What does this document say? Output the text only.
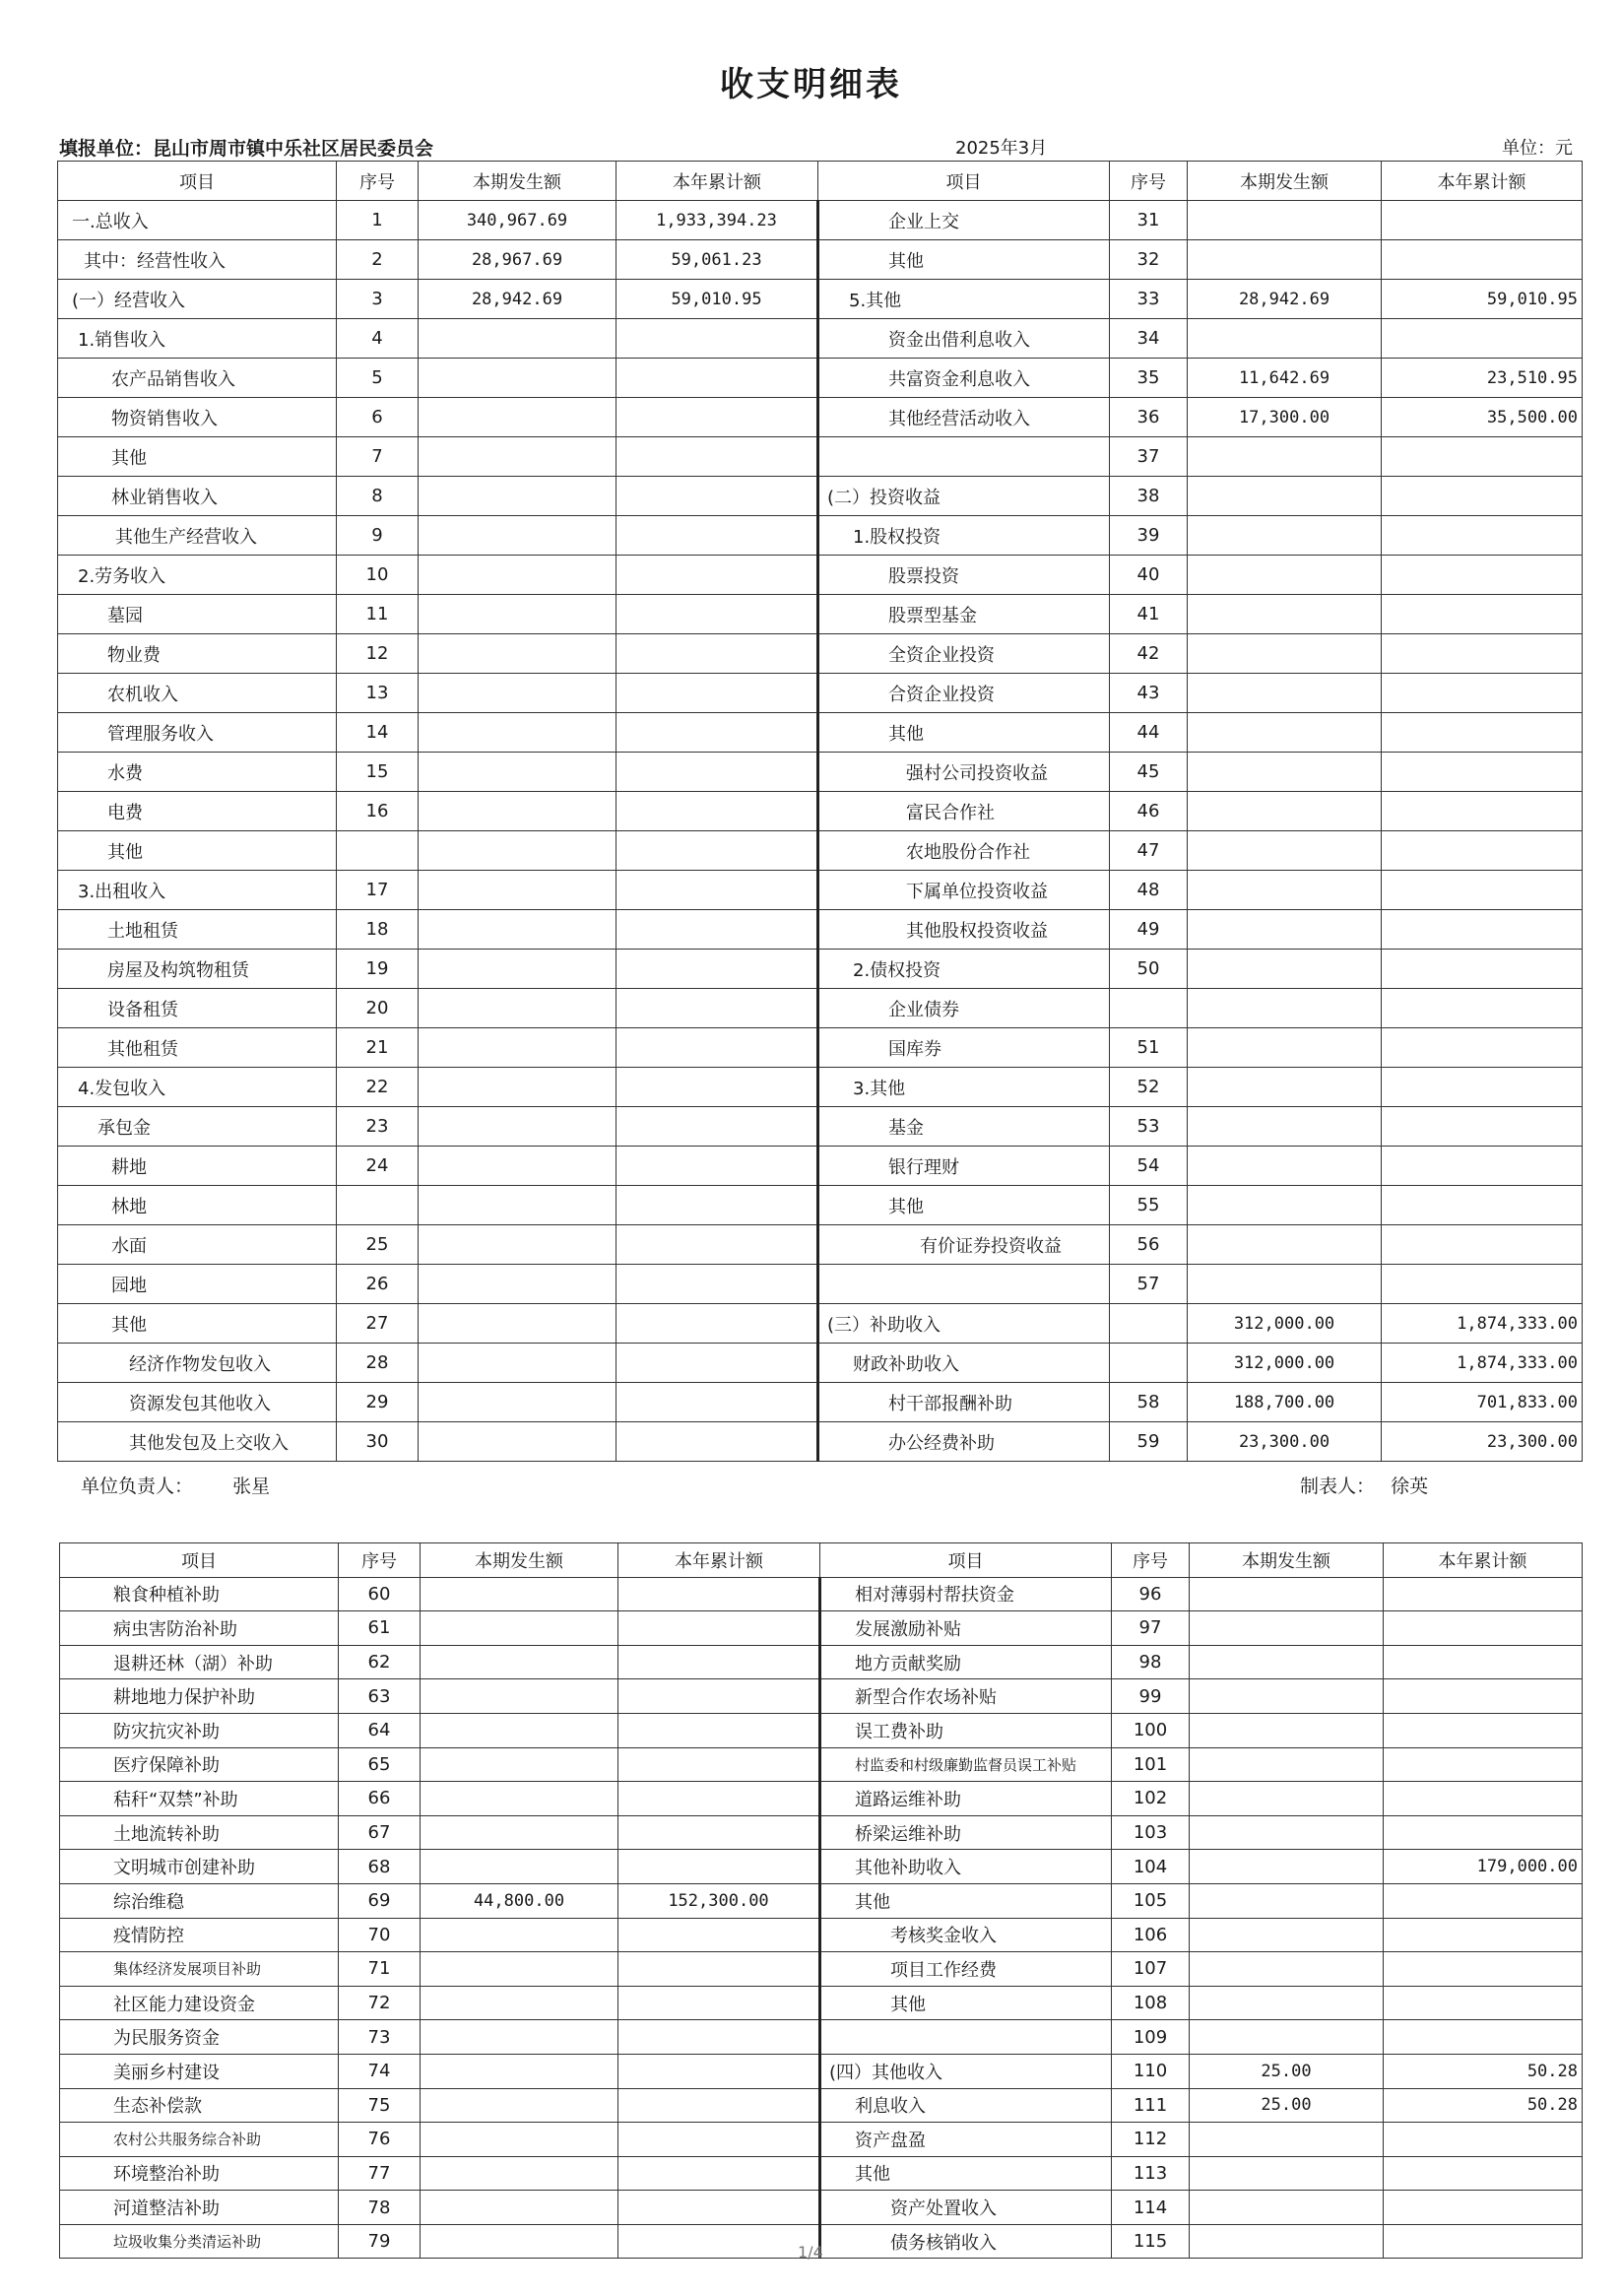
收支明细表
填报单位：昆山市周市镇中乐社区居民委员会	2025年3月	单位：元
项目	序号	本期发生额	本年累计额	项目	序号	本期发生额	本年累计额
一.总收入	1	340,967.69	1,933,394.23	企业上交	31		
其中：经营性收入	2	28,967.69	59,061.23	其他	32		
(一）经营收入	3	28,942.69	59,010.95	5.其他	33	28,942.69	59,010.95
1.销售收入	4			资金出借利息收入	34		
农产品销售收入	5			共富资金利息收入	35	11,642.69	23,510.95
物资销售收入	6			其他经营活动收入	36	17,300.00	35,500.00
其他	7				37		
林业销售收入	8			(二）投资收益	38		
其他生产经营收入	9			1.股权投资	39		
2.劳务收入	10			股票投资	40		
墓园	11			股票型基金	41		
物业费	12			全资企业投资	42		
农机收入	13			合资企业投资	43		
管理服务收入	14			其他	44		
水费	15			强村公司投资收益	45		
电费	16			富民合作社	46		
其他				农地股份合作社	47		
3.出租收入	17			下属单位投资收益	48		
土地租赁	18			其他股权投资收益	49		
房屋及构筑物租赁	19			2.债权投资	50		
设备租赁	20			企业债券			
其他租赁	21			国库券	51		
4.发包收入	22			3.其他	52		
承包金	23			基金	53		
耕地	24			银行理财	54		
林地				其他	55		
水面	25			有价证券投资收益	56		
园地	26				57		
其他	27			(三）补助收入		312,000.00	1,874,333.00
经济作物发包收入	28			财政补助收入		312,000.00	1,874,333.00
资源发包其他收入	29			村干部报酬补助	58	188,700.00	701,833.00
其他发包及上交收入	30			办公经费补助	59	23,300.00	23,300.00
单位负责人： 张星	制表人： 徐英
项目	序号	本期发生额	本年累计额	项目	序号	本期发生额	本年累计额
粮食种植补助	60			相对薄弱村帮扶资金	96		
病虫害防治补助	61			发展激励补贴	97		
退耕还林（湖）补助	62			地方贡献奖励	98		
耕地地力保护补助	63			新型合作农场补贴	99		
防灾抗灾补助	64			误工费补助	100		
医疗保障补助	65			村监委和村级廉勤监督员误工补贴	101		
秸秆“双禁”补助	66			道路运维补助	102		
土地流转补助	67			桥梁运维补助	103		
文明城市创建补助	68			其他补助收入	104		179,000.00
综治维稳	69	44,800.00	152,300.00	其他	105		
疫情防控	70			考核奖金收入	106		
集体经济发展项目补助	71			项目工作经费	107		
社区能力建设资金	72			其他	108		
为民服务资金	73				109		
美丽乡村建设	74			(四）其他收入	110	25.00	50.28
生态补偿款	75			利息收入	111	25.00	50.28
农村公共服务综合补助	76			资产盘盈	112		
环境整治补助	77			其他	113		
河道整洁补助	78			资产处置收入	114		
垃圾收集分类清运补助	79			债务核销收入	115		
1/4
